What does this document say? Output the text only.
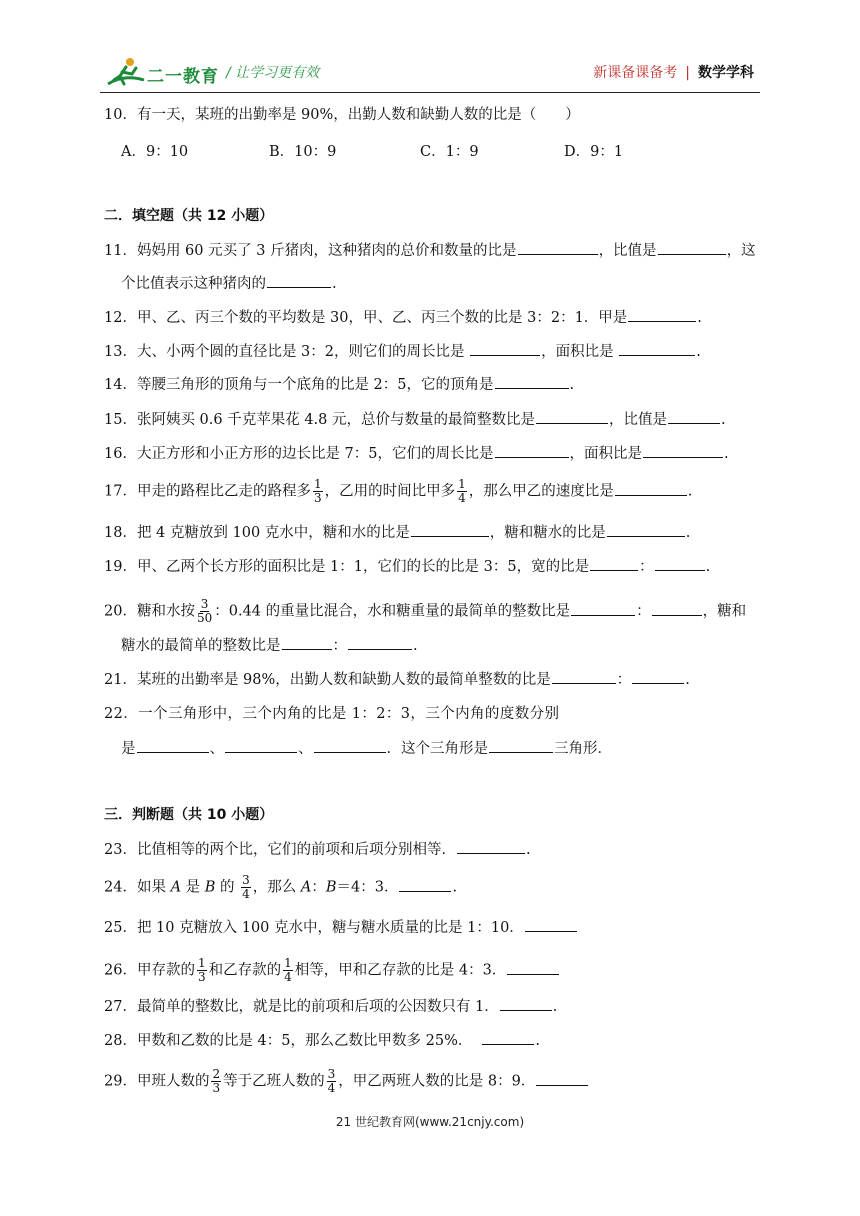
二一教育 / 让学习更有效	新课备课备考 | 数学学科
10．有一天，某班的出勤率是 90%，出勤人数和缺勤人数的比是（　　）
A．9：10	B．10：9	C．1：9	D．9：1
二．填空题（共 12 小题）
11．妈妈用 60 元买了 3 斤猪肉，这种猪肉的总价和数量的比是	，比值是	，这
个比值表示这种猪肉的	.
12．甲、乙、丙三个数的平均数是 30，甲、乙、丙三个数的比是 3：2：1．甲是	.
13．大、小两个圆的直径比是 3：2，则它们的周长比是	，面积比是	.
14．等腰三角形的顶角与一个底角的比是 2：5，它的顶角是	.
15．张阿姨买 0.6 千克苹果花 4.8 元，总价与数量的最简整数比是	，比值是	.
16．大正方形和小正方形的边长比是 7：5，它们的周长比是	，面积比是	.
17．甲走的路程比乙走的路程多 $\frac{1}{3}$ ，乙用的时间比甲多 $\frac{1}{4}$ ，那么甲乙的速度比是	.
18．把 4 克糖放到 100 克水中，糖和水的比是	，糖和糖水的比是	.
19．甲、乙两个长方形的面积比是 1：1，它们的长的比是 3：5，宽的比是	：	.
20．糖和水按 $\frac{3}{50}$ ：0.44 的重量比混合，水和糖重量的最简单的整数比是	：	，糖和
糖水的最简单的整数比是	：	.
21．某班的出勤率是 98%，出勤人数和缺勤人数的最简单整数的比是	：	.
22．一个三角形中，三个内角的比是 1：2：3，三个内角的度数分别
是	、	、	．这个三角形是	三角形．
三．判断题（共 10 小题）
23．比值相等的两个比，它们的前项和后项分别相等．	.
24．如果 A 是 B 的 $\frac{3}{4}$ ，那么 A：B＝4：3．	.
25．把 10 克糖放入 100 克水中，糖与糖水质量的比是 1：10．
26．甲存款的 $\frac{1}{3}$ 和乙存款的 $\frac{1}{4}$ 相等，甲和乙存款的比是 4：3．
27．最简单的整数比，就是比的前项和后项的公因数只有 1．	.
28．甲数和乙数的比是 4：5，那么乙数比甲数多 25%．	.
29．甲班人数的 $\frac{2}{3}$ 等于乙班人数的 $\frac{3}{4}$ ，甲乙两班人数的比是 8：9．
21 世纪教育网(www.21cnjy.com)
